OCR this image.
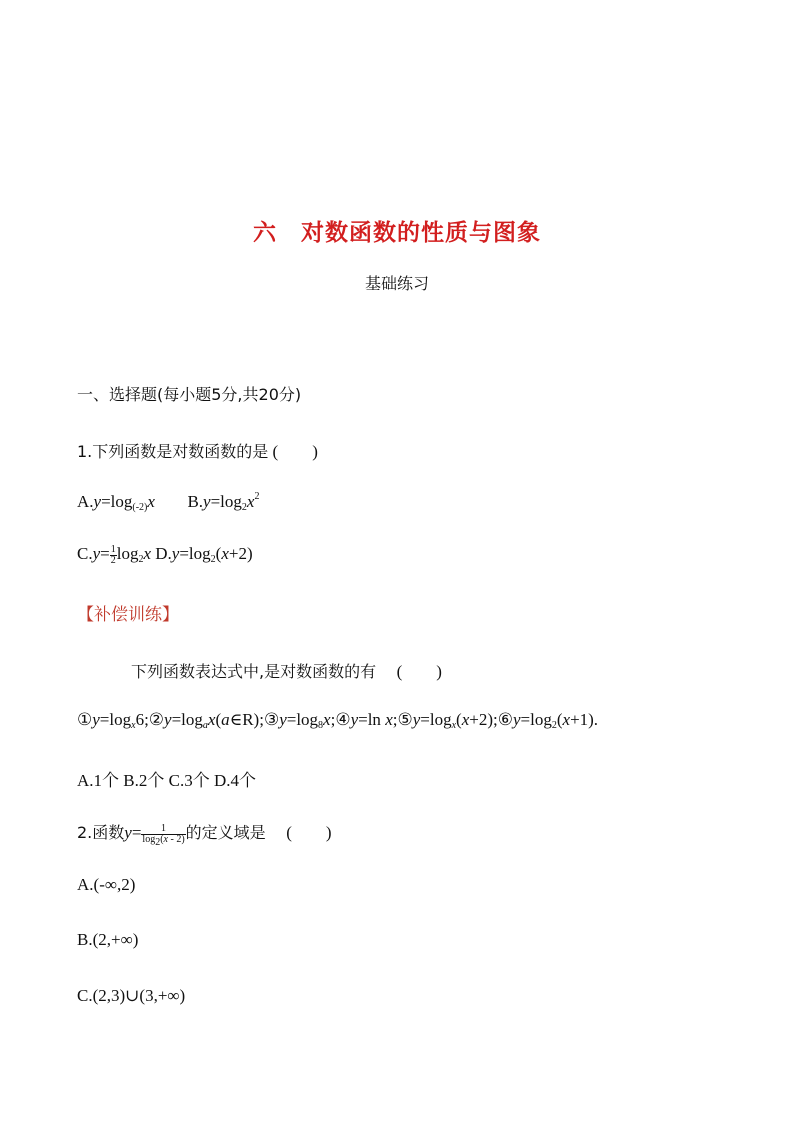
六　对数函数的性质与图象
基础练习
一、选择题(每小题5分,共20分)
1.下列函数是对数函数的是 (　　)
$A.y=\log_{(-2)}x$ $B.y=\log_2x^2$
$C.y= \frac{1}{2} \log_2x$ $D.y=\log_2(x+2)$
【补偿训练】
下列函数表达式中,是对数函数的有 (　　)
$①y=\log_x6;②y=\log_ax(a\in R);③y=\log_8x;④y=\ln$ $x;⑤y=\log_x(x+2);⑥y=\log_2(x+1)$.
A.1个 B.2个 C.3个 D.4个
2.函数$y= \frac{1}{\log_2(x - 2)}$ 的定义域是 (　　)
A.(-∞,2)
B.(2,+∞)
C.(2,3)∪(3,+∞)
